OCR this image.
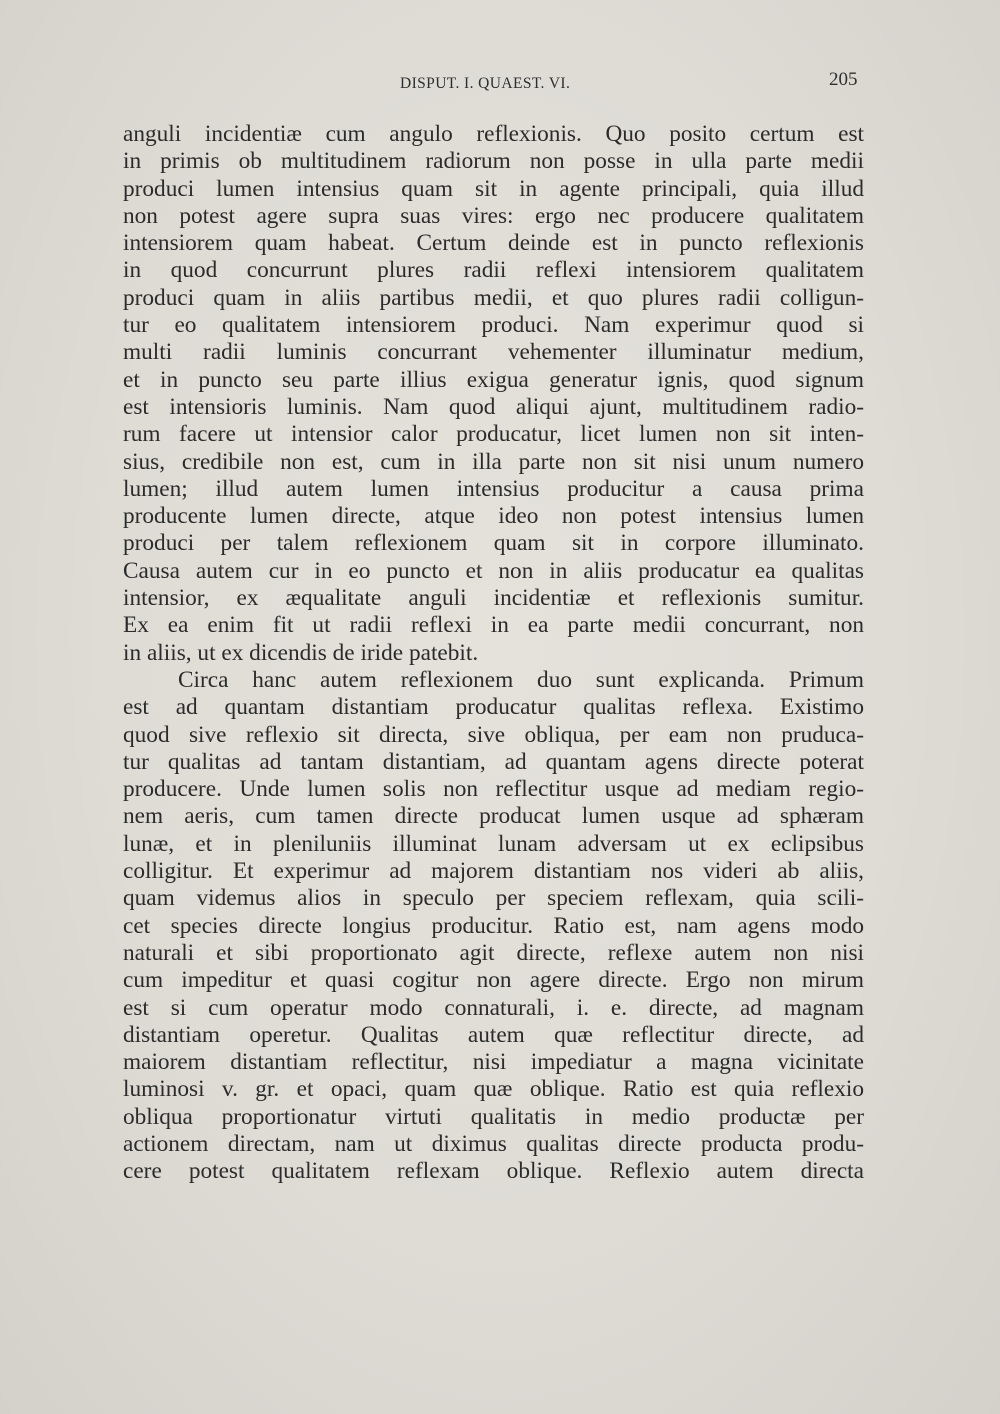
DISPUT. I. QUAEST. VI.	205
anguli incidentiæ cum angulo reflexionis. Quo posito certum est
in primis ob multitudinem radiorum non posse in ulla parte medii
produci lumen intensius quam sit in agente principali, quia illud
non potest agere supra suas vires: ergo nec producere qualitatem
intensiorem quam habeat. Certum deinde est in puncto reflexionis
in quod concurrunt plures radii reflexi intensiorem qualitatem
produci quam in aliis partibus medii, et quo plures radii colligun-
tur eo qualitatem intensiorem produci. Nam experimur quod si
multi radii luminis concurrant vehementer illuminatur medium,
et in puncto seu parte illius exigua generatur ignis, quod signum
est intensioris luminis. Nam quod aliqui ajunt, multitudinem radio-
rum facere ut intensior calor producatur, licet lumen non sit inten-
sius, credibile non est, cum in illa parte non sit nisi unum numero
lumen; illud autem lumen intensius producitur a causa prima
producente lumen directe, atque ideo non potest intensius lumen
produci per talem reflexionem quam sit in corpore illuminato.
Causa autem cur in eo puncto et non in aliis producatur ea qualitas
intensior, ex æqualitate anguli incidentiæ et reflexionis sumitur.
Ex ea enim fit ut radii reflexi in ea parte medii concurrant, non
in aliis, ut ex dicendis de iride patebit.
Circa hanc autem reflexionem duo sunt explicanda. Primum
est ad quantam distantiam producatur qualitas reflexa. Existimo
quod sive reflexio sit directa, sive obliqua, per eam non pruduca-
tur qualitas ad tantam distantiam, ad quantam agens directe poterat
producere. Unde lumen solis non reflectitur usque ad mediam regio-
nem aeris, cum tamen directe producat lumen usque ad sphæram
lunæ, et in pleniluniis illuminat lunam adversam ut ex eclipsibus
colligitur. Et experimur ad majorem distantiam nos videri ab aliis,
quam videmus alios in speculo per speciem reflexam, quia scili-
cet species directe longius producitur. Ratio est, nam agens modo
naturali et sibi proportionato agit directe, reflexe autem non nisi
cum impeditur et quasi cogitur non agere directe. Ergo non mirum
est si cum operatur modo connaturali, i. e. directe, ad magnam
distantiam operetur. Qualitas autem quæ reflectitur directe, ad
maiorem distantiam reflectitur, nisi impediatur a magna vicinitate
luminosi v. gr. et opaci, quam quæ oblique. Ratio est quia reflexio
obliqua proportionatur virtuti qualitatis in medio productæ per
actionem directam, nam ut diximus qualitas directe producta produ-
cere potest qualitatem reflexam oblique. Reflexio autem directa
